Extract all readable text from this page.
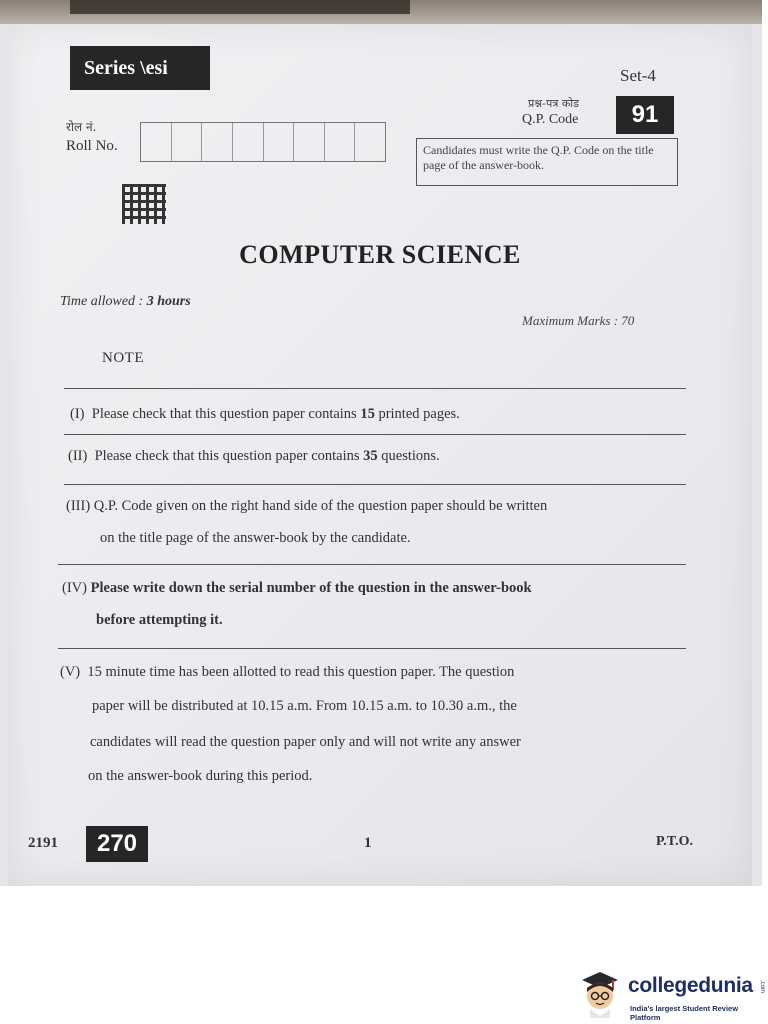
Series \esi	Set-4
प्रश्न-पत्र कोड
Q.P. Code	91
रोल नं.
Roll No.	Candidates must write the Q.P. Code on the title page of the answer-book.
COMPUTER SCIENCE
Time allowed : 3 hours
Maximum Marks : 70
NOTE
(I) Please check that this question paper contains 15 printed pages.
(II) Please check that this question paper contains 35 questions.
(III) Q.P. Code given on the right hand side of the question paper should be written
on the title page of the answer-book by the candidate.
(IV) Please write down the serial number of the question in the answer-book
before attempting it.
(V) 15 minute time has been allotted to read this question paper. The question
paper will be distributed at 10.15 a.m. From 10.15 a.m. to 10.30 a.m., the
candidates will read the question paper only and will not write any answer
on the answer-book during this period.
2191	270	1	P.T.O.
collegedunia .com
India's largest Student Review Platform
